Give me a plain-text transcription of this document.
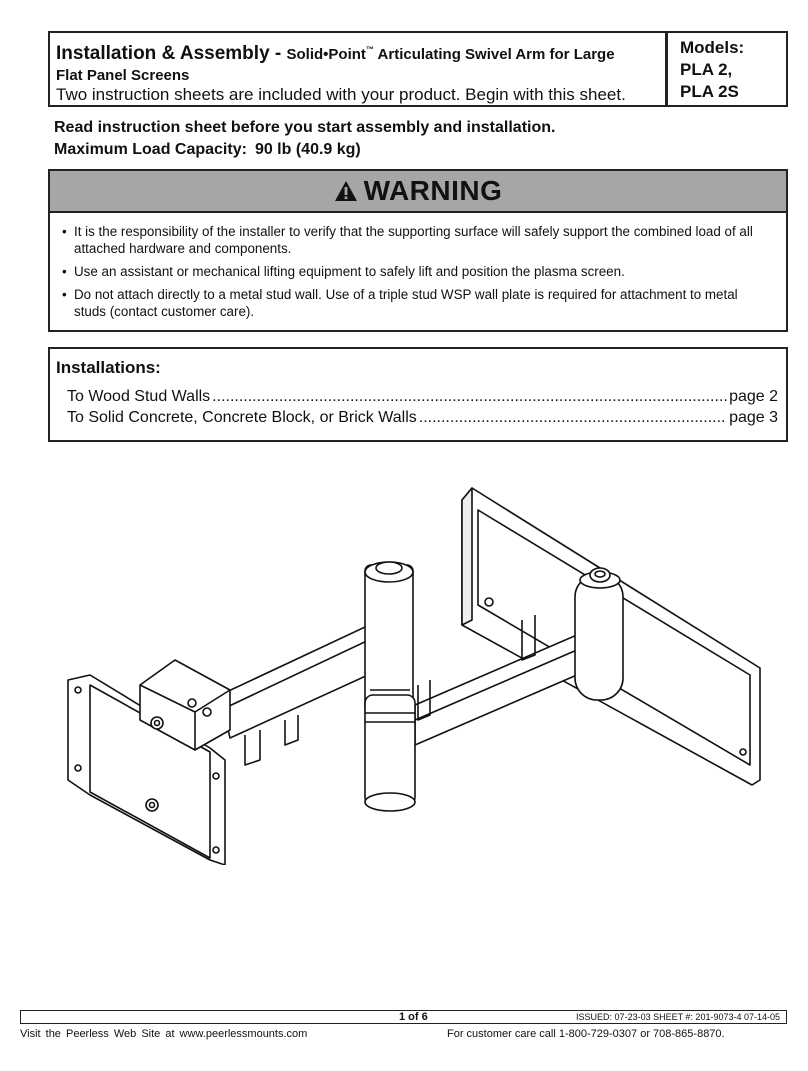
Installation & Assembly - Solid•Point™ Articulating Swivel Arm for Large
Flat Panel Screens
Two instruction sheets are included with your product. Begin with this sheet.
Models:
PLA 2,
PLA 2S
Read instruction sheet before you start assembly and installation.
Maximum Load Capacity: 90 lb (40.9 kg)
WARNING
• It is the responsibility of the installer to verify that the supporting surface will safely support the combined load of all attached hardware and components.
• Use an assistant or mechanical lifting equipment to safely lift and position the plasma screen.
• Do not attach directly to a metal stud wall. Use of a triple stud WSP wall plate is required for attachment to metal studs (contact customer care).
Installations:
To Wood Stud Walls .....	page 2
To Solid Concrete, Concrete Block, or Brick Walls .....	page 3
1 of 6	ISSUED: 07-23-03 SHEET #: 201-9073-4 07-14-05
Visit the Peerless Web Site at www.peerlessmounts.com	For customer care call 1-800-729-0307 or 708-865-8870.
